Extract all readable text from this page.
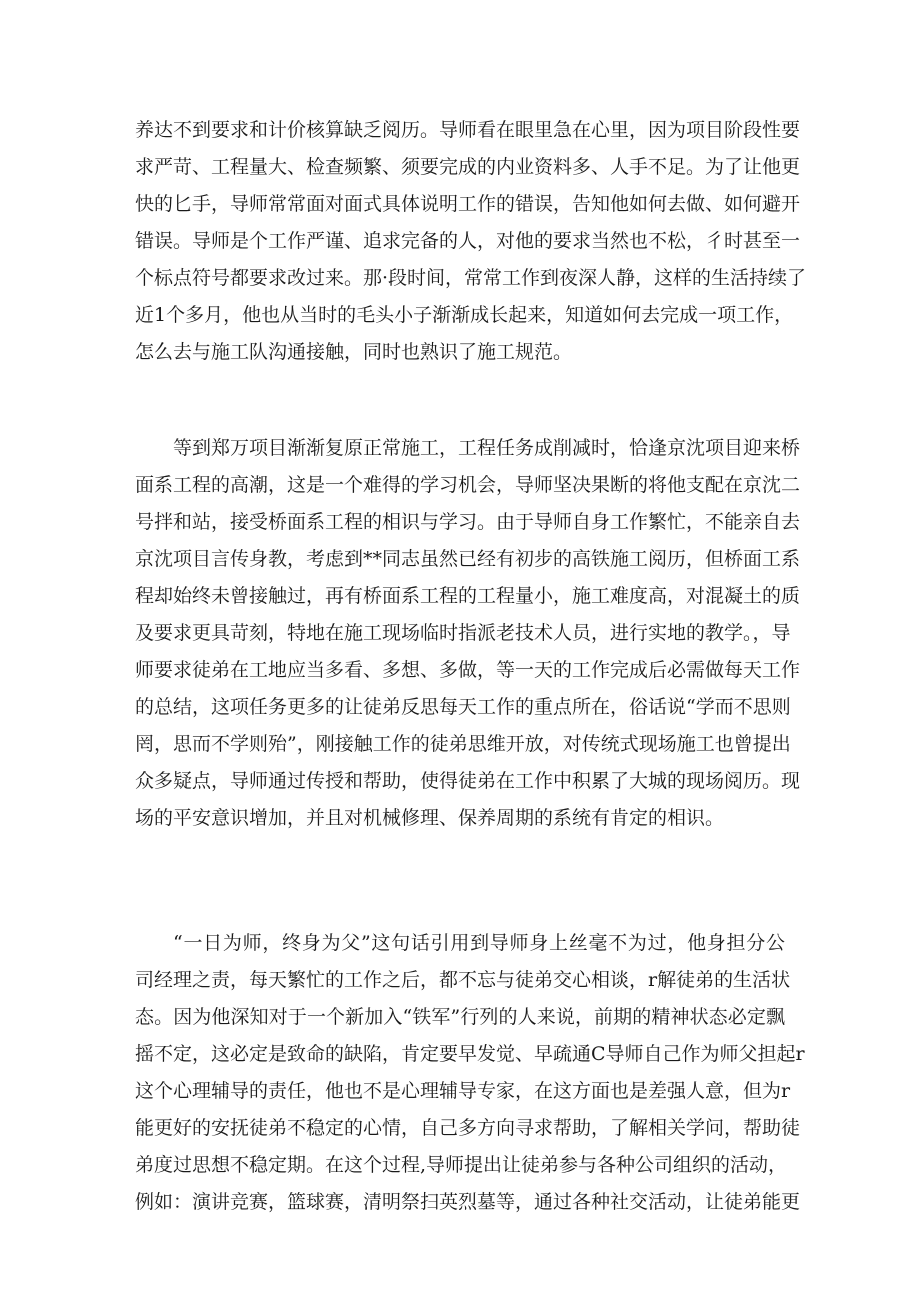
养达不到要求和计价核算缺乏阅历。导师看在眼里急在心里，因为项目阶段性要
求严苛、工程量大、检查频繁、须要完成的内业资料多、人手不足。为了让他更
快的匕手，导师常常面对面式具体说明工作的错误，告知他如何去做、如何避开
错误。导师是个工作严谨、追求完备的人，对他的要求当然也不松，彳时甚至一
个标点符号都要求改过来。那·段时间，常常工作到夜深人静，这样的生活持续了
近1个多月，他也从当时的毛头小子渐渐成长起来，知道如何去完成一项工作，
怎么去与施工队沟通接触，同时也熟识了施工规范。
等到郑万项目渐渐复原正常施工，工程任务成削减时，恰逢京沈项目迎来桥
面系工程的高潮，这是一个难得的学习机会，导师坚决果断的将他支配在京沈二
号拌和站，接受桥面系工程的相识与学习。由于导师自身工作繁忙，不能亲自去
京沈项目言传身教，考虑到**同志虽然已经有初步的高铁施工阅历，但桥面工系
程却始终未曾接触过，再有桥面系工程的工程量小，施工难度高，对混凝土的质
及要求更具苛刻，特地在施工现场临时指派老技术人员，进行实地的教学。，导
师要求徒弟在工地应当多看、多想、多做，等一天的工作完成后必需做每天工作
的总结，这项任务更多的让徒弟反思每天工作的重点所在，俗话说“学而不思则
罔，思而不学则殆”，刚接触工作的徒弟思维开放，对传统式现场施工也曾提出
众多疑点，导师通过传授和帮助，使得徒弟在工作中积累了大城的现场阅历。现
场的平安意识增加，并且对机械修理、保养周期的系统有肯定的相识。
“一日为师，终身为父”这句话引用到导师身上丝毫不为过，他身担分公
司经理之责，每天繁忙的工作之后，都不忘与徒弟交心相谈，r解徒弟的生活状
态。因为他深知对于一个新加入“铁军”行列的人来说，前期的精神状态必定飘
摇不定，这必定是致命的缺陷，肯定要早发觉、早疏通C导师自己作为师父担起r
这个心理辅导的责任，他也不是心理辅导专家，在这方面也是差强人意，但为r
能更好的安抚徒弟不稳定的心情，自己多方向寻求帮助，了解相关学问，帮助徒
弟度过思想不稳定期。在这个过程,导师提出让徒弟参与各种公司组织的活动，
例如：演讲竞赛，篮球赛，清明祭扫英烈墓等，通过各种社交活动，让徒弟能更
